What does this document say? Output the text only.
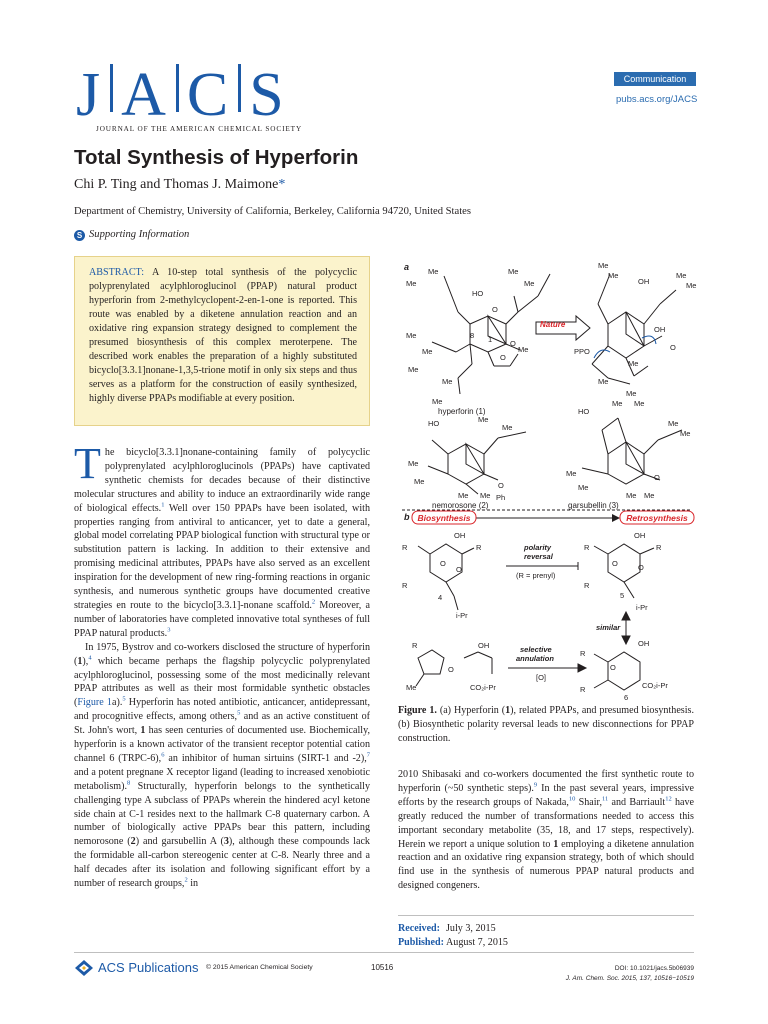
J A C S
JOURNAL OF THE AMERICAN CHEMICAL SOCIETY
Communication
pubs.acs.org/JACS
Total Synthesis of Hyperforin
Chi P. Ting and Thomas J. Maimone*
Department of Chemistry, University of California, Berkeley, California 94720, United States
S Supporting Information

ABSTRACT: A 10-step total synthesis of the polycyclic polyprenylated acylphloroglucinol (PPAP) natural product hyperforin from 2-methylcyclopent-2-en-1-one is reported. This route was enabled by a diketene annulation reaction and an oxidative ring expansion strategy designed to complement the presumed biosynthesis of this complex meroterpene. The described work enables the preparation of a highly substituted bicyclo[3.3.1]nonane-1,3,5-trione motif in only six steps and thus serves as a platform for the construction of easily synthesized, highly diverse PPAPs modifiable at every position.

The bicyclo[3.3.1]nonane-containing family of polycyclic polyprenylated acylphloroglucinols (PPAPs) have captivated synthetic chemists for decades because of their distinctive molecular structures and ability to induce an extraordinarily wide range of biological effects.$^1$ Well over 150 PPAPs have been isolated, with properties ranging from antiviral to anticancer, yet to date a general, global model correlating PPAP biological function with structural type or substitution pattern is lacking. In addition to their extensive and promising medicinal attributes, PPAPs have also served as an excellent inspiration for the development of new ring-forming reactions in organic synthesis, and numerous synthetic groups have documented creative strategies en route to the bicyclo[3.3.1]-nonane scaffold.$^2$ Moreover, a number of laboratories have completed innovative total syntheses of full PPAP natural products.$^3$

In 1975, Bystrov and co-workers disclosed the structure of hyperforin (1),$^4$ which became perhaps the flagship polycyclic polyprenylated acylphloroglucinol, possessing some of the most medicinally relevant PPAP attributes as well as their most formidable synthetic obstacles (Figure 1a).$^5$ Hyperforin has noted antibiotic, anticancer, antidepressant, and procognitive effects, among others,$^5$ and as an active constituent of St. John's wort, 1 has seen centuries of documented use. Biochemically, hyperforin is a known activator of the transient receptor potential cation channel 6 (TRPC-6),$^6$ an inhibitor of human sirtuins (SIRT-1 and -2),$^7$ and a potent pregnane X receptor ligand (leading to increased xenobiotic metabolism).$^8$ Structurally, hyperforin belongs to the synthetically challenging type A subclass of PPAPs wherein the hindered acyl ketone side chain at C-1 resides next to the hallmark C-8 quaternary carbon. A number of biologically active PPAPs bear this pattern, including nemorosone (2) and garsubellin A (3), although these compounds lack the formidable all-carbon stereogenic center at C-8. Nearly three and a half decades after its isolation and following significant effort by a number of research groups,$^2$ in

a	Me
Me
HO
Me
Me
O
O
1
8
Me
Me
Me
Me
O
Me
Me
hyperforin (1)
Me
Me
OH
Me
Me
OH
O
PPO
Me
Me
Me
HO	Me
Me
Me
Me
Me Me
O
Ph
nemorosone (2)
HO
Me Me
Me
Me
Me
Me
Me Me
O
garsubellin (3)
b Biosynthesis	Retrosynthesis
OH
R	R
O
O
R
4
i-Pr
polarity
reversal
(R = prenyl)
OH
R	R
O	O
R
5
i-Pr
similar
OH
R
R
O
6
CO₂i-Pr
R
Me
O
OH
CO₂i-Pr
selective
annulation
[O]
Nature
Figure 1. (a) Hyperforin (1), related PPAPs, and presumed biosynthesis. (b) Biosynthetic polarity reversal leads to new disconnections for PPAP construction.

2010 Shibasaki and co-workers documented the first synthetic route to hyperforin (~50 synthetic steps).$^9$ In the past several years, impressive efforts by the research groups of Nakada,$^{10}$ Shair,$^{11}$ and Barriault$^{12}$ have greatly reduced the number of transformations needed to access this important secondary metabolite (35, 18, and 17 steps, respectively). Herein we report a unique solution to 1 employing a diketene annulation reaction and an oxidative ring expansion strategy, both of which should find use in the synthesis of numerous PPAP natural products and designed congeners.

Received: July 3, 2015
Published: August 7, 2015
ACS Publications © 2015 American Chemical Society	10516	DOI: 10.1021/jacs.5b06939
J. Am. Chem. Soc. 2015, 137, 10516−10519
